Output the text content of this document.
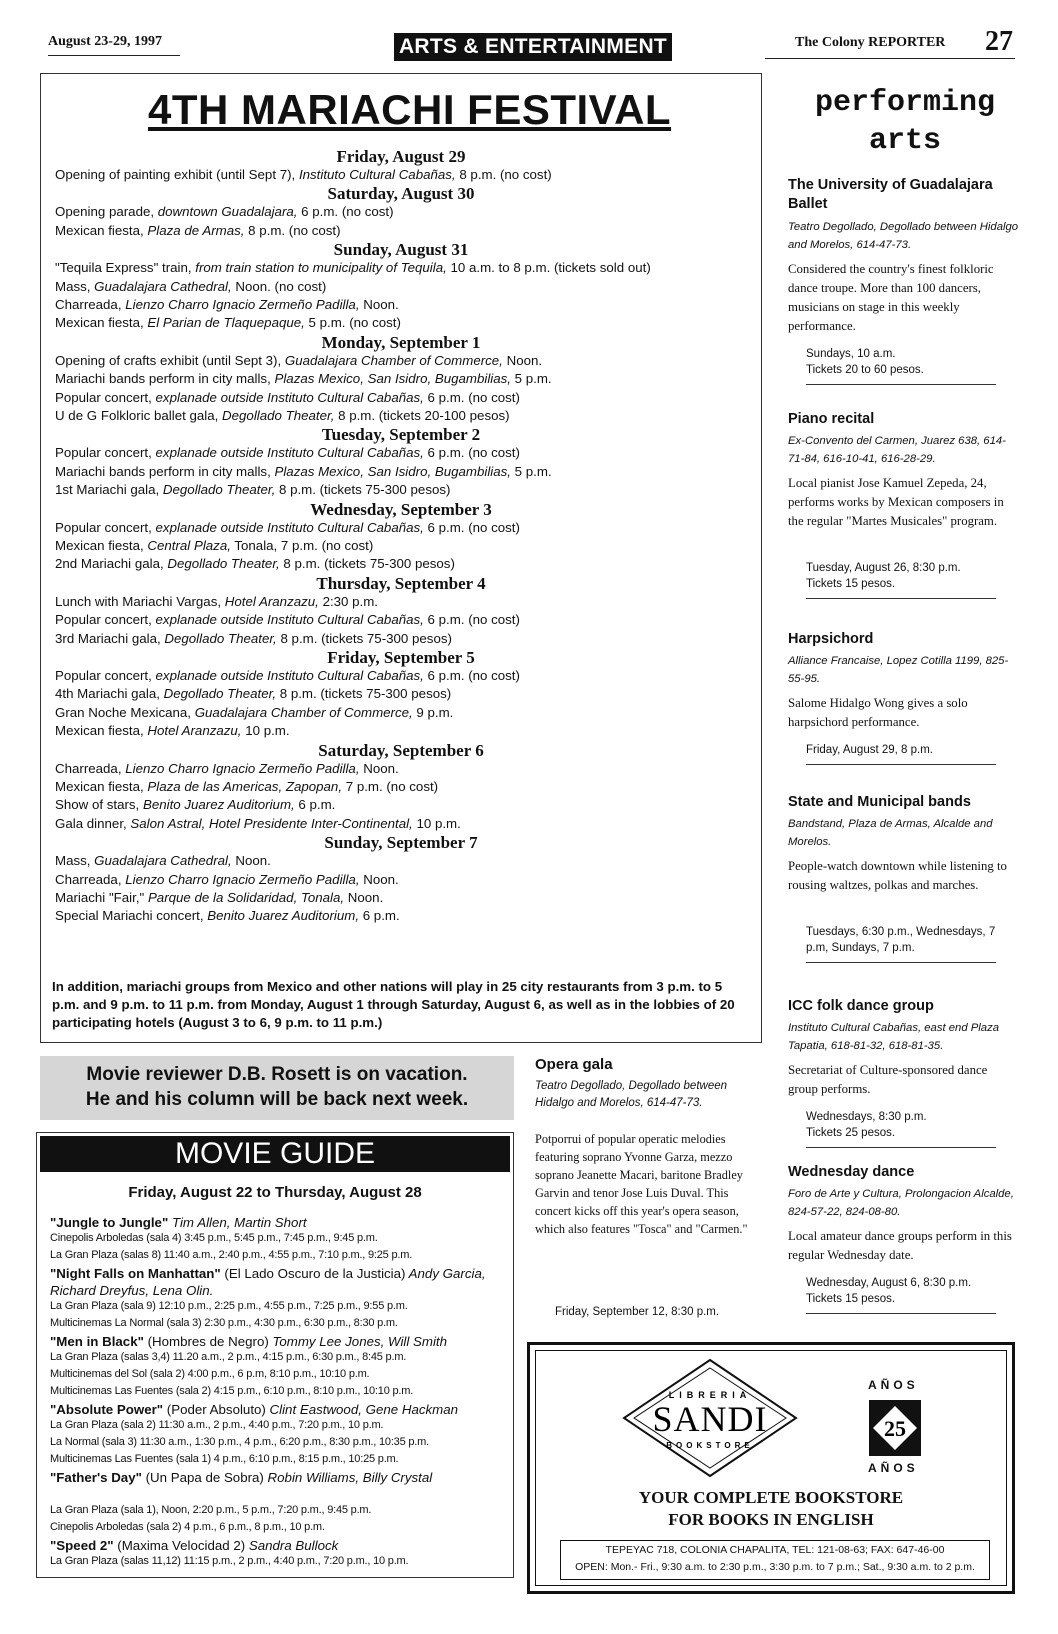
August 23-29, 1997	ARTS & ENTERTAINMENT	The Colony REPORTER 27
4TH MARIACHI FESTIVAL
Friday, August 29
Opening of painting exhibit (until Sept 7), Instituto Cultural Cabañas, 8 p.m. (no cost)
Saturday, August 30
Opening parade, downtown Guadalajara, 6 p.m. (no cost)
Mexican fiesta, Plaza de Armas, 8 p.m. (no cost)
Sunday, August 31
"Tequila Express" train, from train station to municipality of Tequila, 10 a.m. to 8 p.m. (tickets sold out)
Mass, Guadalajara Cathedral, Noon. (no cost)
Charreada, Lienzo Charro Ignacio Zermeño Padilla, Noon.
Mexican fiesta, El Parian de Tlaquepaque, 5 p.m. (no cost)
Monday, September 1
Opening of crafts exhibit (until Sept 3), Guadalajara Chamber of Commerce, Noon.
Mariachi bands perform in city malls, Plazas Mexico, San Isidro, Bugambilias, 5 p.m.
Popular concert, explanade outside Instituto Cultural Cabañas, 6 p.m. (no cost)
U de G Folkloric ballet gala, Degollado Theater, 8 p.m. (tickets 20-100 pesos)
Tuesday, September 2
Popular concert, explanade outside Instituto Cultural Cabañas, 6 p.m. (no cost)
Mariachi bands perform in city malls, Plazas Mexico, San Isidro, Bugambilias, 5 p.m.
1st Mariachi gala, Degollado Theater, 8 p.m. (tickets 75-300 pesos)
Wednesday, September 3
Popular concert, explanade outside Instituto Cultural Cabañas, 6 p.m. (no cost)
Mexican fiesta, Central Plaza, Tonala, 7 p.m. (no cost)
2nd Mariachi gala, Degollado Theater, 8 p.m. (tickets 75-300 pesos)
Thursday, September 4
Lunch with Mariachi Vargas, Hotel Aranzazu, 2:30 p.m.
Popular concert, explanade outside Instituto Cultural Cabañas, 6 p.m. (no cost)
3rd Mariachi gala, Degollado Theater, 8 p.m. (tickets 75-300 pesos)
Friday, September 5
Popular concert, explanade outside Instituto Cultural Cabañas, 6 p.m. (no cost)
4th Mariachi gala, Degollado Theater, 8 p.m. (tickets 75-300 pesos)
Gran Noche Mexicana, Guadalajara Chamber of Commerce, 9 p.m.
Mexican fiesta, Hotel Aranzazu, 10 p.m.
Saturday, September 6
Charreada, Lienzo Charro Ignacio Zermeño Padilla, Noon.
Mexican fiesta, Plaza de las Americas, Zapopan, 7 p.m. (no cost)
Show of stars, Benito Juarez Auditorium, 6 p.m.
Gala dinner, Salon Astral, Hotel Presidente Inter-Continental, 10 p.m.
Sunday, September 7
Mass, Guadalajara Cathedral, Noon.
Charreada, Lienzo Charro Ignacio Zermeño Padilla, Noon.
Mariachi "Fair," Parque de la Solidaridad, Tonala, Noon.
Special Mariachi concert, Benito Juarez Auditorium, 6 p.m.
In addition, mariachi groups from Mexico and other nations will play in 25 city restaurants from 3 p.m. to 5 p.m. and 9 p.m. to 11 p.m. from Monday, August 1 through Saturday, August 6, as well as in the lobbies of 20 participating hotels (August 3 to 6, 9 p.m. to 11 p.m.)
Movie reviewer D.B. Rosett is on vacation.
He and his column will be back next week.
MOVIE GUIDE
Friday, August 22 to Thursday, August 28
"Jungle to Jungle" Tim Allen, Martin Short
Cinepolis Arboledas (sala 4) 3:45 p.m., 5:45 p.m., 7:45 p.m., 9:45 p.m.
La Gran Plaza (salas 8) 11:40 a.m., 2:40 p.m., 4:55 p.m., 7:10 p.m., 9:25 p.m.
"Night Falls on Manhattan" (El Lado Oscuro de la Justicia) Andy Garcia, Richard Dreyfus, Lena Olin.
La Gran Plaza (sala 9) 12:10 p.m., 2:25 p.m., 4:55 p.m., 7:25 p.m., 9:55 p.m.
Multicinemas La Normal (sala 3) 2:30 p.m., 4:30 p.m., 6:30 p.m., 8:30 p.m.
"Men in Black" (Hombres de Negro) Tommy Lee Jones, Will Smith
La Gran Plaza (salas 3,4) 11.20 a.m., 2 p.m., 4:15 p.m., 6:30 p.m., 8:45 p.m.
Multicinemas del Sol (sala 2) 4:00 p.m., 6 p.m, 8:10 p.m., 10:10 p.m.
Multicinemas Las Fuentes (sala 2) 4:15 p.m., 6:10 p.m., 8:10 p.m., 10:10 p.m.
"Absolute Power" (Poder Absoluto) Clint Eastwood, Gene Hackman
La Gran Plaza (sala 2) 11:30 a.m., 2 p.m., 4:40 p.m., 7:20 p.m., 10 p.m.
La Normal (sala 3) 11:30 a.m., 1:30 p.m., 4 p.m., 6:20 p.m., 8:30 p.m., 10:35 p.m.
Multicinemas Las Fuentes (sala 1) 4 p.m., 6:10 p.m., 8:15 p.m., 10:25 p.m.
"Father's Day" (Un Papa de Sobra) Robin Williams, Billy Crystal
La Gran Plaza (sala 1), Noon, 2:20 p.m., 5 p.m., 7:20 p.m., 9:45 p.m.
Cinepolis Arboledas (sala 2) 4 p.m., 6 p.m., 8 p.m., 10 p.m.
"Speed 2" (Maxima Velocidad 2) Sandra Bullock
La Gran Plaza (salas 11,12) 11:15 p.m., 2 p.m., 4:40 p.m., 7:20 p.m., 10 p.m.
Opera gala
Teatro Degollado, Degollado between Hidalgo and Morelos, 614-47-73.
Potporrui of popular operatic melodies featuring soprano Yvonne Garza, mezzo soprano Jeanette Macari, baritone Bradley Garvin and tenor Jose Luis Duval. This concert kicks off this year's opera season, which also features "Tosca" and "Carmen."
Friday, September 12, 8:30 p.m.
performing
arts
The University of Guadalajara Ballet
Teatro Degollado, Degollado between Hidalgo and Morelos, 614-47-73.
Considered the country's finest folkloric dance troupe. More than 100 dancers, musicians on stage in this weekly performance.
Sundays, 10 a.m.
Tickets 20 to 60 pesos.
Piano recital
Ex-Convento del Carmen, Juarez 638, 614-71-84, 616-10-41, 616-28-29.
Local pianist Jose Kamuel Zepeda, 24, performs works by Mexican composers in the regular "Martes Musicales" program.
Tuesday, August 26, 8:30 p.m.
Tickets 15 pesos.
Harpsichord
Alliance Francaise, Lopez Cotilla 1199, 825-55-95.
Salome Hidalgo Wong gives a solo harpsichord performance.
Friday, August 29, 8 p.m.
State and Municipal bands
Bandstand, Plaza de Armas, Alcalde and Morelos.
People-watch downtown while listening to rousing waltzes, polkas and marches.
Tuesdays, 6:30 p.m., Wednesdays, 7 p.m, Sundays, 7 p.m.
ICC folk dance group
Instituto Cultural Cabañas, east end Plaza Tapatia, 618-81-32, 618-81-35.
Secretariat of Culture-sponsored dance group performs.
Wednesdays, 8:30 p.m.
Tickets 25 pesos.
Wednesday dance
Foro de Arte y Cultura, Prolongacion Alcalde, 824-57-22, 824-08-80.
Local amateur dance groups perform in this regular Wednesday date.
Wednesday, August 6, 8:30 p.m.
Tickets 15 pesos.
LIBRERIA
SANDI
BOOKSTORE
AÑOS
25
AÑOS
YOUR COMPLETE BOOKSTORE
FOR BOOKS IN ENGLISH
TEPEYAC 718, COLONIA CHAPALITA, TEL: 121-08-63; FAX: 647-46-00
OPEN: Mon.- Fri., 9:30 a.m. to 2:30 p.m., 3:30 p.m. to 7 p.m.; Sat., 9:30 a.m. to 2 p.m.
